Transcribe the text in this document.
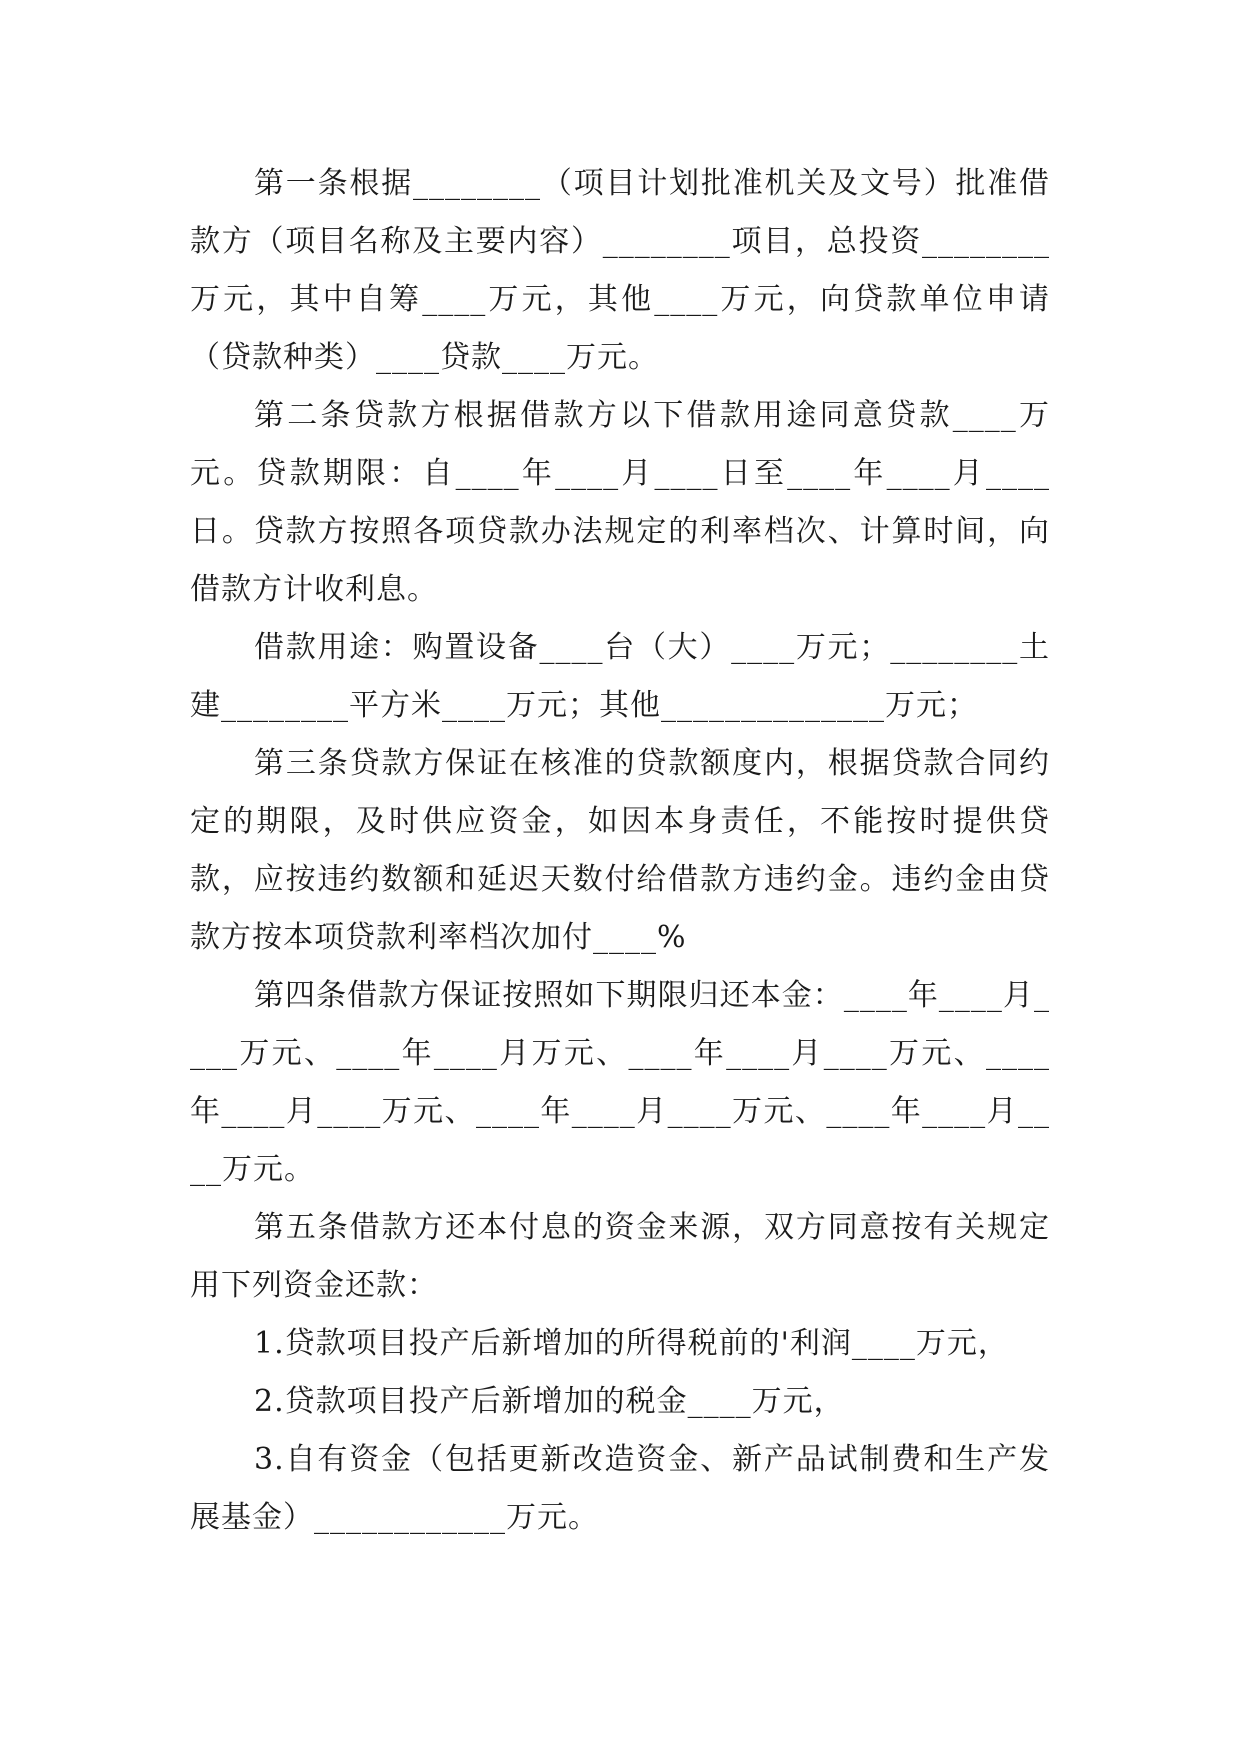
第一条根据________（项目计划批准机关及文号）批准借款方（项目名称及主要内容）________项目，总投资________万元，其中自筹____万元，其他____万元，向贷款单位申请（贷款种类）____贷款____万元。

第二条贷款方根据借款方以下借款用途同意贷款____万元。贷款期限：自____年____月____日至____年____月____日。贷款方按照各项贷款办法规定的利率档次、计算时间，向借款方计收利息。

借款用途：购置设备____台（大）____万元；________土建________平方米____万元；其他______________万元；

第三条贷款方保证在核准的贷款额度内，根据贷款合同约定的期限，及时供应资金，如因本身责任，不能按时提供贷款，应按违约数额和延迟天数付给借款方违约金。违约金由贷款方按本项贷款利率档次加付____%

第四条借款方保证按照如下期限归还本金：____年____月____万元、____年____月万元、____年____月____万元、____年____月____万元、____年____月____万元、____年____月____万元。

第五条借款方还本付息的资金来源，双方同意按有关规定用下列资金还款：

1.贷款项目投产后新增加的所得税前的'利润____万元，

2.贷款项目投产后新增加的税金____万元，

3.自有资金（包括更新改造资金、新产品试制费和生产发展基金）____________万元。
